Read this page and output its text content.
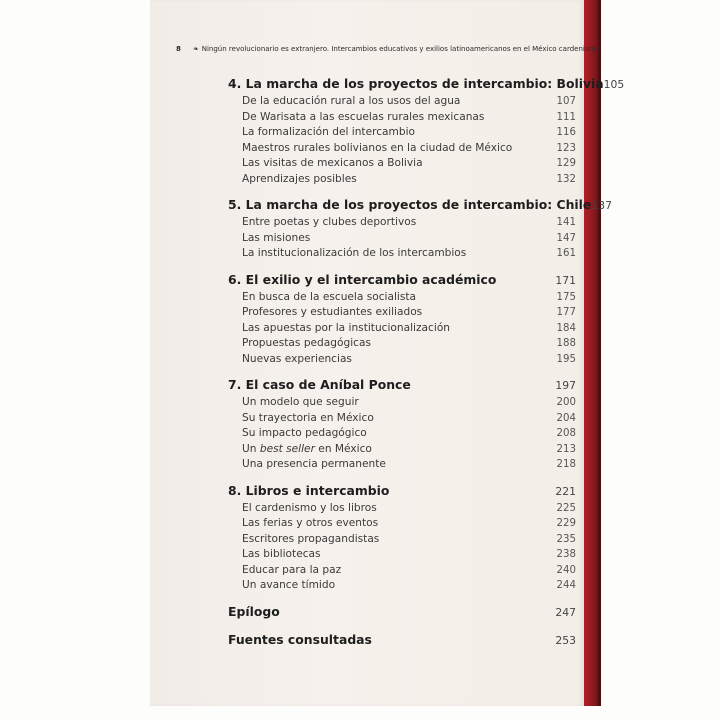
8 ❧ Ningún revolucionario es extranjero. Intercambios educativos y exilios latinoamericanos en el México cardenista
4. La marcha de los proyectos de intercambio: Bolivia 105
De la educación rural a los usos del agua	107
De Warisata a las escuelas rurales mexicanas	111
La formalización del intercambio	116
Maestros rurales bolivianos en la ciudad de México	123
Las visitas de mexicanos a Bolivia	129
Aprendizajes posibles	132
5. La marcha de los proyectos de intercambio: Chile 137
Entre poetas y clubes deportivos	141
Las misiones	147
La institucionalización de los intercambios	161
6. El exilio y el intercambio académico	171
En busca de la escuela socialista	175
Profesores y estudiantes exiliados	177
Las apuestas por la institucionalización	184
Propuestas pedagógicas	188
Nuevas experiencias	195
7. El caso de Aníbal Ponce	197
Un modelo que seguir	200
Su trayectoria en México	204
Su impacto pedagógico	208
Un best seller en México	213
Una presencia permanente	218
8. Libros e intercambio	221
El cardenismo y los libros	225
Las ferias y otros eventos	229
Escritores propagandistas	235
Las bibliotecas	238
Educar para la paz	240
Un avance tímido	244
Epílogo	247
Fuentes consultadas	253
